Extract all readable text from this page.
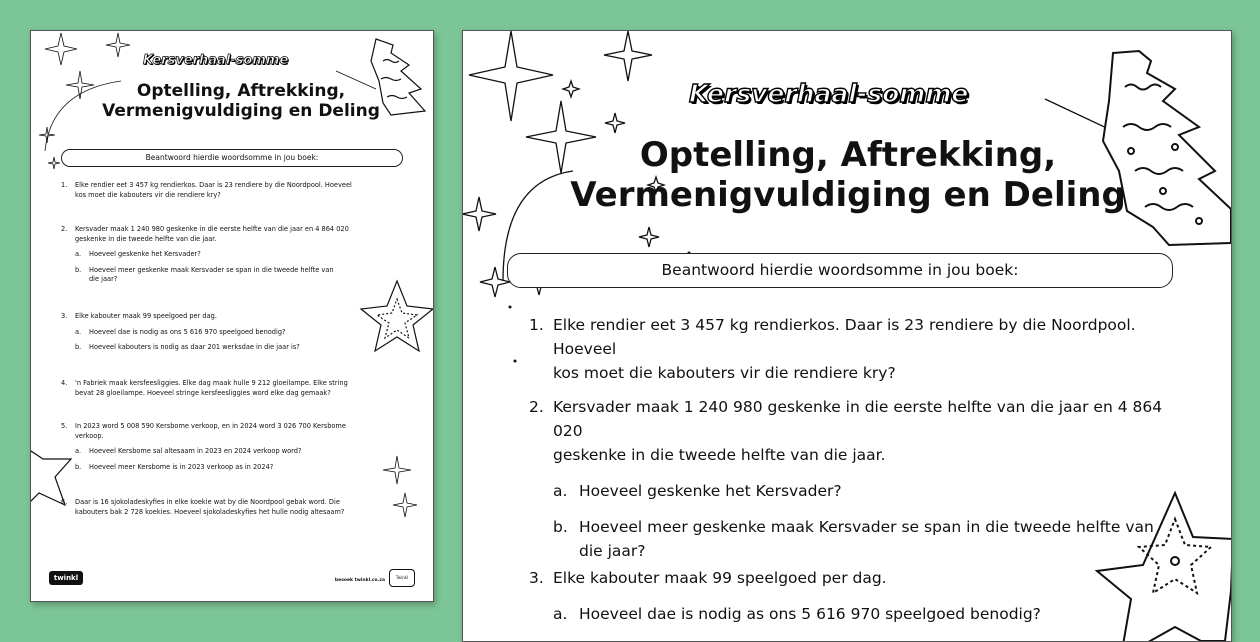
Kersverhaal-somme
Optelling, Aftrekking,
Vermenigvuldiging en Deling
Beantwoord hierdie woordsomme in jou boek:
1. Elke rendier eet 3 457 kg rendierkos. Daar is 23 rendiere by die Noordpool. Hoeveel
kos moet die kabouters vir die rendiere kry?
2. Kersvader maak 1 240 980 geskenke in die eerste helfte van die jaar en 4 864 020
geskenke in die tweede helfte van die jaar.
a. Hoeveel geskenke het Kersvader?
b. Hoeveel meer geskenke maak Kersvader se span in die tweede helfte van
die jaar?
3. Elke kabouter maak 99 speelgoed per dag.
a. Hoeveel dae is nodig as ons 5 616 970 speelgoed benodig?
b. Hoeveel kabouters is nodig as daar 201 werksdae in die jaar is?
4. 'n Fabriek maak kersfeesliggies. Elke dag maak hulle 9 212 gloeilampe. Elke string
bevat 28 gloeilampe. Hoeveel stringe kersfeesliggies word elke dag gemaak?
5. In 2023 word 5 008 590 Kersbome verkoop, en in 2024 word 3 026 700 Kersbome
verkoop.
a. Hoeveel Kersbome sal altesaam in 2023 en 2024 verkoop word?
b. Hoeveel meer Kersbome is in 2023 verkoop as in 2024?
6. Daar is 16 sjokoladeskyfies in elke koekie wat by die Noordpool gebak word. Die
kabouters bak 2 728 koekies. Hoeveel sjokoladeskyfies het hulle nodig altesaam?
twinkl	besoek twinkl.co.za
Twinkl
Kersverhaal-somme
Optelling, Aftrekking,
Vermenigvuldiging en Deling
Beantwoord hierdie woordsomme in jou boek:
1. Elke rendier eet 3 457 kg rendierkos. Daar is 23 rendiere by die Noordpool. Hoeveel
kos moet die kabouters vir die rendiere kry?
2. Kersvader maak 1 240 980 geskenke in die eerste helfte van die jaar en 4 864 020
geskenke in die tweede helfte van die jaar.
a. Hoeveel geskenke het Kersvader?
b. Hoeveel meer geskenke maak Kersvader se span in die tweede helfte van
die jaar?
3. Elke kabouter maak 99 speelgoed per dag.
a. Hoeveel dae is nodig as ons 5 616 970 speelgoed benodig?
